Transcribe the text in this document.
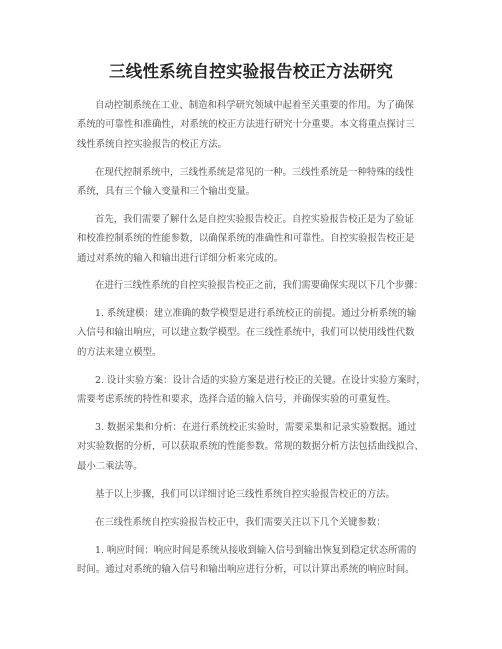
三线性系统自控实验报告校正方法研究
自动控制系统在工业、制造和科学研究领域中起着至关重要的作用。为了确保
系统的可靠性和准确性，对系统的校正方法进行研究十分重要。本文将重点探讨三
线性系统自控实验报告的校正方法。
在现代控制系统中，三线性系统是常见的一种。三线性系统是一种特殊的线性
系统，具有三个输入变量和三个输出变量。
首先，我们需要了解什么是自控实验报告校正。自控实验报告校正是为了验证
和校准控制系统的性能参数，以确保系统的准确性和可靠性。自控实验报告校正是
通过对系统的输入和输出进行详细分析来完成的。
在进行三线性系统的自控实验报告校正之前，我们需要确保实现以下几个步骤：
1. 系统建模：建立准确的数学模型是进行系统校正的前提。通过分析系统的输
入信号和输出响应，可以建立数学模型。在三线性系统中，我们可以使用线性代数
的方法来建立模型。
2. 设计实验方案：设计合适的实验方案是进行校正的关键。在设计实验方案时，
需要考虑系统的特性和要求，选择合适的输入信号，并确保实验的可重复性。
3. 数据采集和分析：在进行系统校正实验时，需要采集和记录实验数据。通过
对实验数据的分析，可以获取系统的性能参数。常规的数据分析方法包括曲线拟合、
最小二乘法等。
基于以上步骤，我们可以详细讨论三线性系统自控实验报告校正的方法。
在三线性系统自控实验报告校正中，我们需要关注以下几个关键参数：
1. 响应时间：响应时间是系统从接收到输入信号到输出恢复到稳定状态所需的
时间。通过对系统的输入信号和输出响应进行分析，可以计算出系统的响应时间。
